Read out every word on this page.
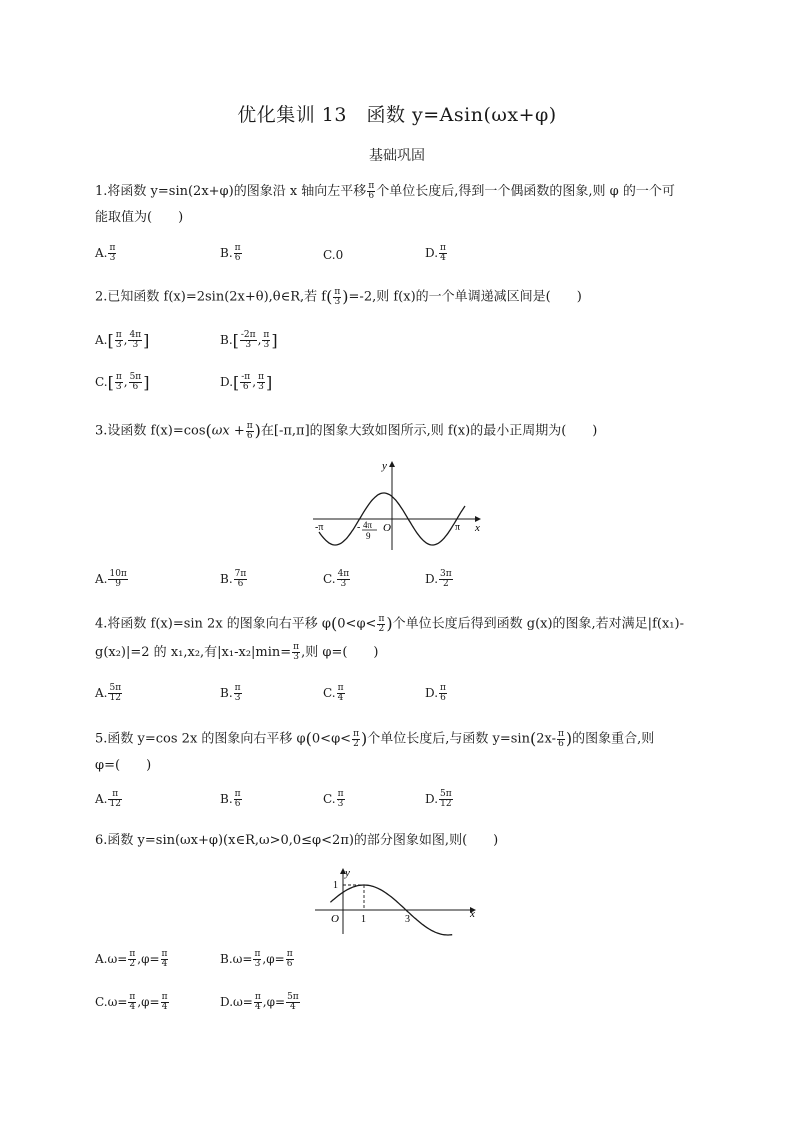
优化集训 13　函数 y=Asin(ωx+φ)
基础巩固
1.将函数 y=sin(2x+φ)的图象沿 x 轴向左平移 $\frac{\pi}{6}$ 个单位长度后,得到一个偶函数的图象,则 φ 的一个可
能取值为(　　)
A. $\frac{\pi}{3}$	B. $\frac{\pi}{6}$	C.0	D. $\frac{\pi}{4}$
2.已知函数 f(x)=2sin(2x+θ),θ∈R,若 $f( \frac{\pi}{3} )=-2$,则 f(x)的一个单调递减区间是(　　)
$A.[ \frac{\pi}{3}$ , $\frac{4\pi}{3}$ ]	$B.[ \frac{-2\pi}{3}$ , $\frac{\pi}{3}$ ]
$C.[ \frac{\pi}{3}$ , $\frac{5\pi}{6}$ ]	$D.[ \frac{-\pi}{6}$ , $\frac{\pi}{3}$ ]
3.设函数 $f(x)=\cos(\omega x + \frac{\pi}{6}$ )在[-π,π]的图象大致如图所示,则 f(x)的最小正周期为(　　)
y
x
O
-π	π
- 4π
9
A. $\frac{10\pi}{9}$	B. $\frac{7\pi}{6}$	C. $\frac{4\pi}{3}$	D. $\frac{3\pi}{2}$
4.将函数 f(x)=sin 2x 的图象向右平移 $\varphi(0<\varphi< \frac{\pi}{2}$ )个单位长度后得到函数 g(x)的图象,若对满足|f(x₁)-
g(x₂)|=2 的 x₁,x₂,有$|x_1-x_2|\min= \frac{\pi}{3}$ ,则 φ=(　　)
A. $\frac{5\pi}{12}$	B. $\frac{\pi}{3}$	C. $\frac{\pi}{4}$	D. $\frac{\pi}{6}$
5.函数 y=cos 2x 的图象向右平移 $\varphi(0<\varphi< \frac{\pi}{2}$ )个单位长度后,与函数 $y=\sin(2x- \frac{\pi}{6}$ )的图象重合,则
φ=(　　)
A. $\frac{\pi}{12}$	B. $\frac{\pi}{6}$	C. $\frac{\pi}{3}$	D. $\frac{5\pi}{12}$
6.函数 y=sin(ωx+φ)(x∈R,ω>0,0≤φ<2π)的部分图象如图,则(　　)
y
x
O
1
1	3
$A.\omega= \frac{\pi}{2} ,\varphi= \frac{\pi}{4}$	$B.\omega= \frac{\pi}{3} ,\varphi= \frac{\pi}{6}$
$C.\omega= \frac{\pi}{4} ,\varphi= \frac{\pi}{4}$	$D.\omega= \frac{\pi}{4} ,\varphi= \frac{5\pi}{4}$
